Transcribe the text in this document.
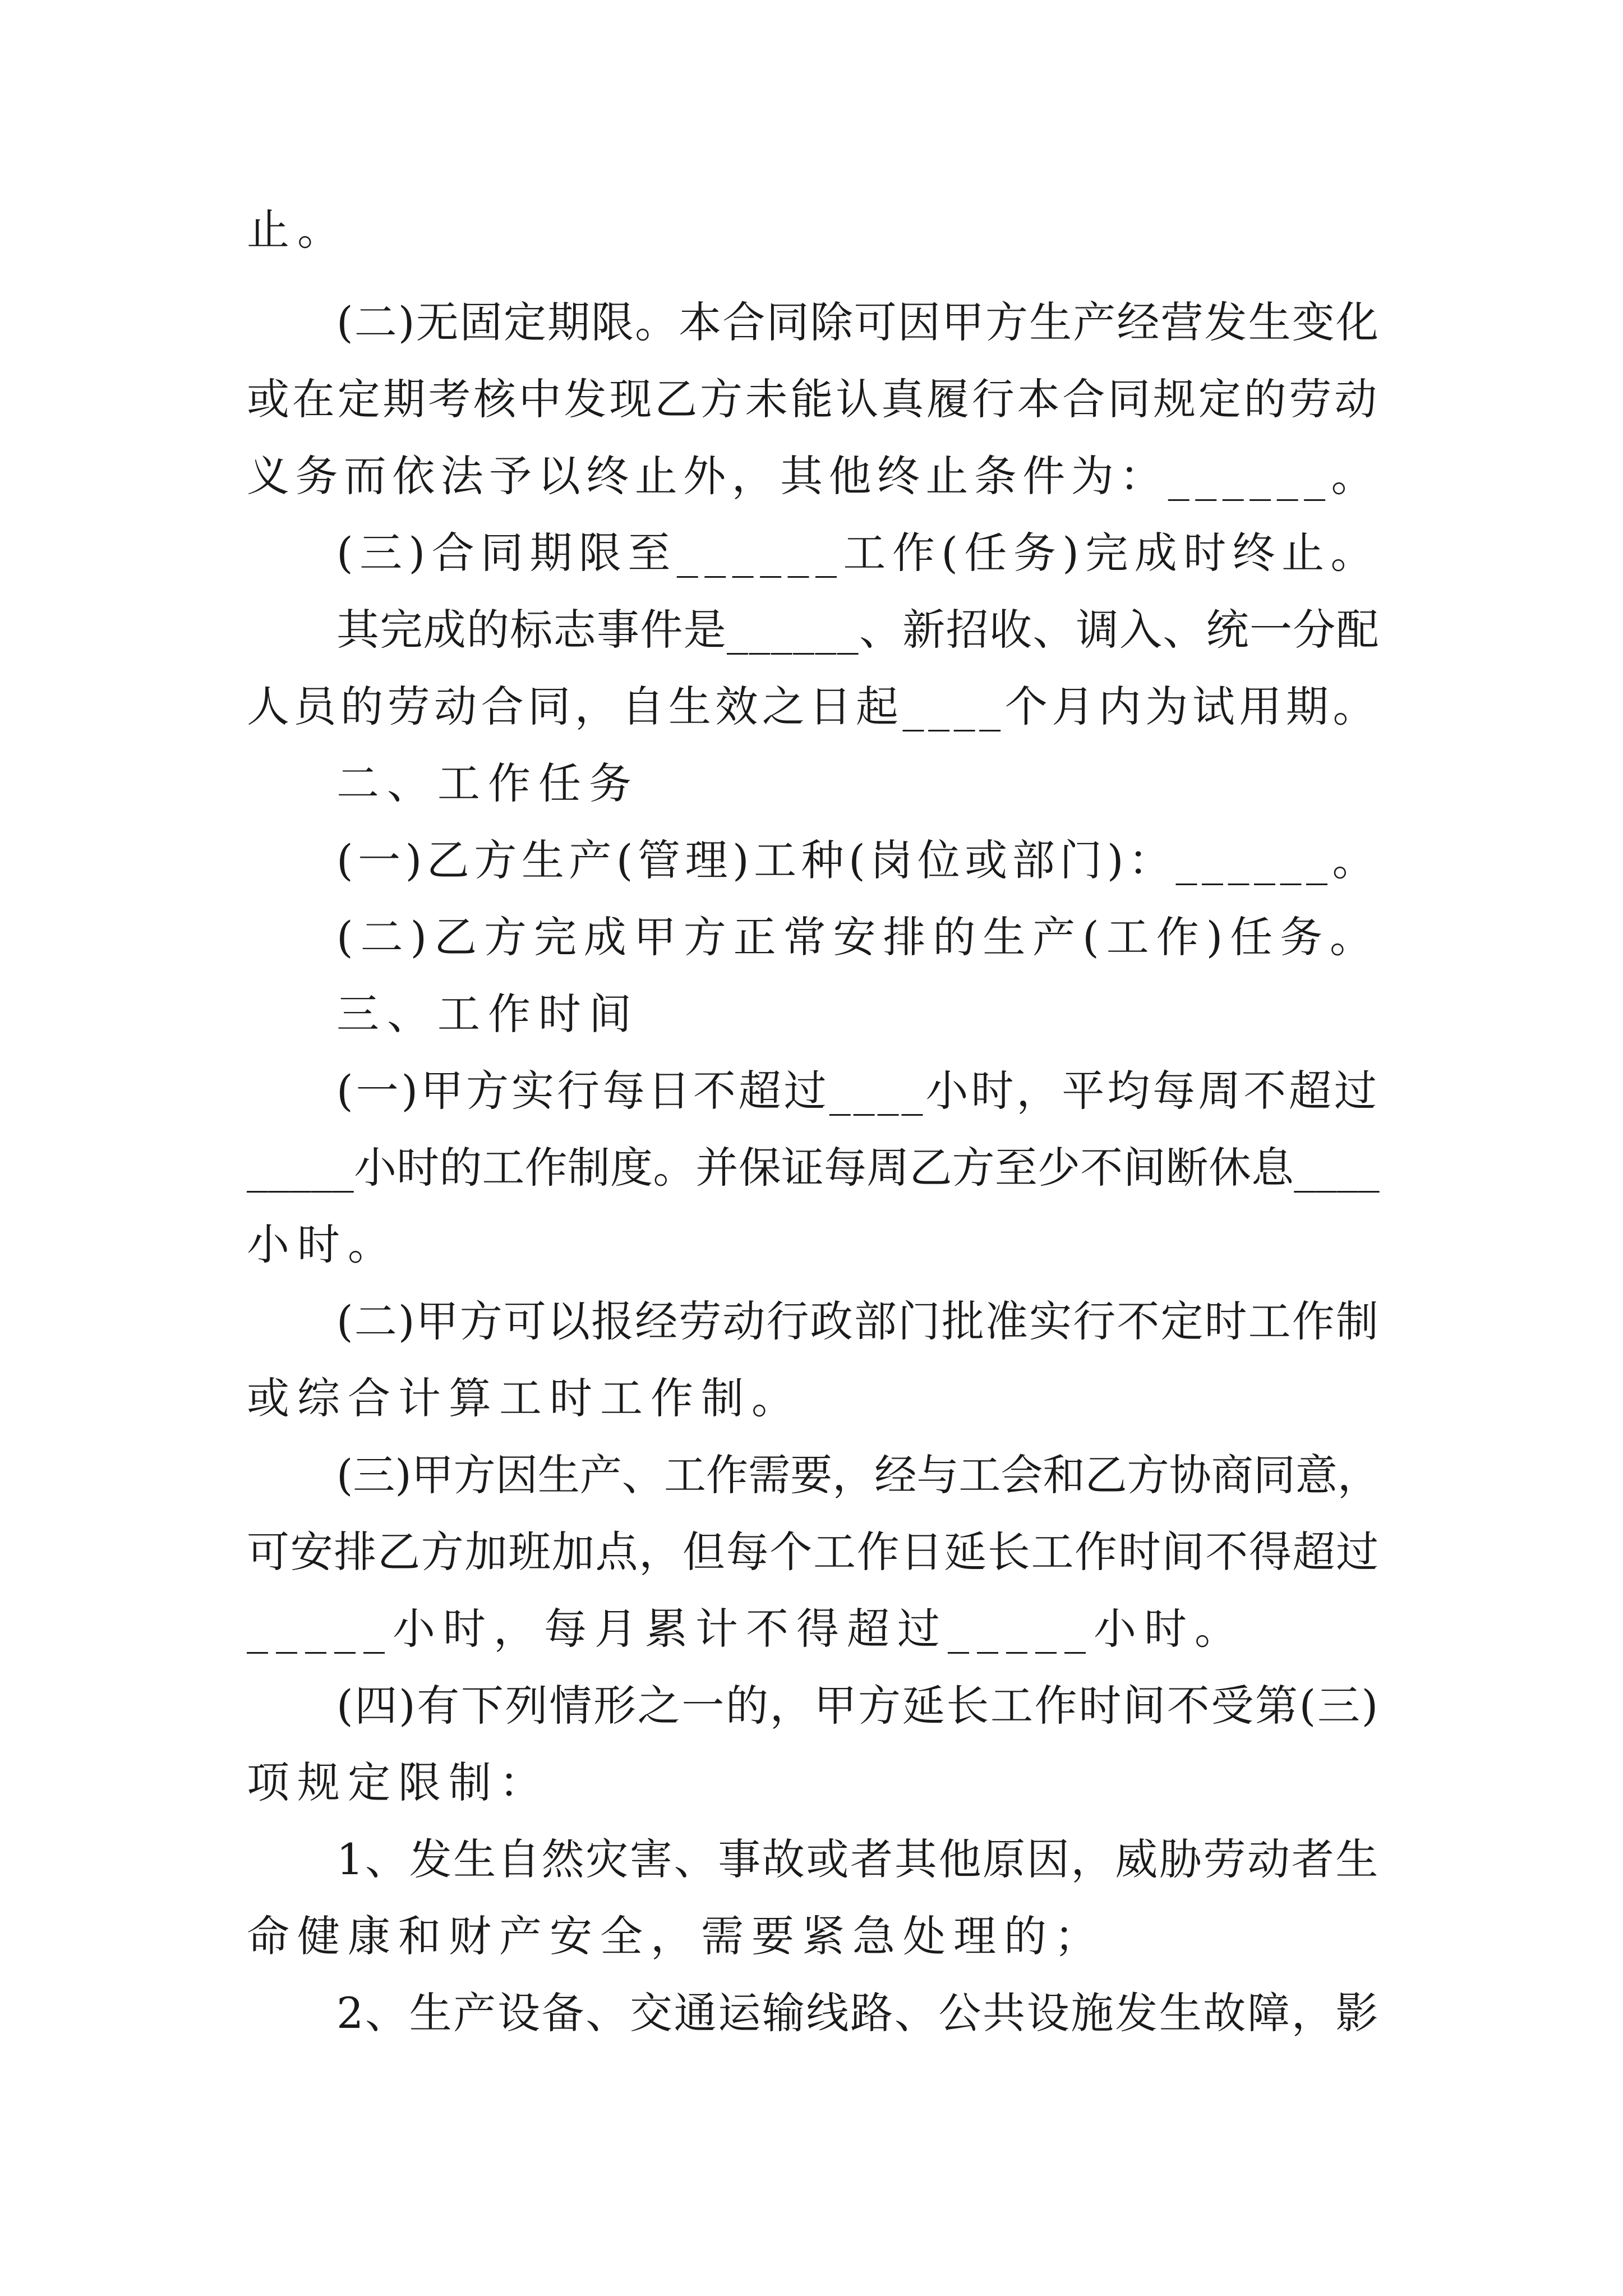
止。
(二)无固定期限。本合同除可因甲方生产经营发生变化
或在定期考核中发现乙方未能认真履行本合同规定的劳动
义务而依法予以终止外，其他终止条件为：______。
(三)合同期限至______工作(任务)完成时终止。
其完成的标志事件是______、新招收、调入、统一分配
人员的劳动合同，自生效之日起____个月内为试用期。
二、工作任务
(一)乙方生产(管理)工种(岗位或部门)：______。
(二)乙方完成甲方正常安排的生产(工作)任务。
三、工作时间
(一)甲方实行每日不超过____小时，平均每周不超过
_____小时的工作制度。并保证每周乙方至少不间断休息____
小时。
(二)甲方可以报经劳动行政部门批准实行不定时工作制
或综合计算工时工作制。
(三)甲方因生产、工作需要，经与工会和乙方协商同意，
可安排乙方加班加点，但每个工作日延长工作时间不得超过
_____小时，每月累计不得超过_____小时。
(四)有下列情形之一的，甲方延长工作时间不受第(三)
项规定限制：
1、发生自然灾害、事故或者其他原因，威胁劳动者生
命健康和财产安全，需要紧急处理的；
2、生产设备、交通运输线路、公共设施发生故障，影
